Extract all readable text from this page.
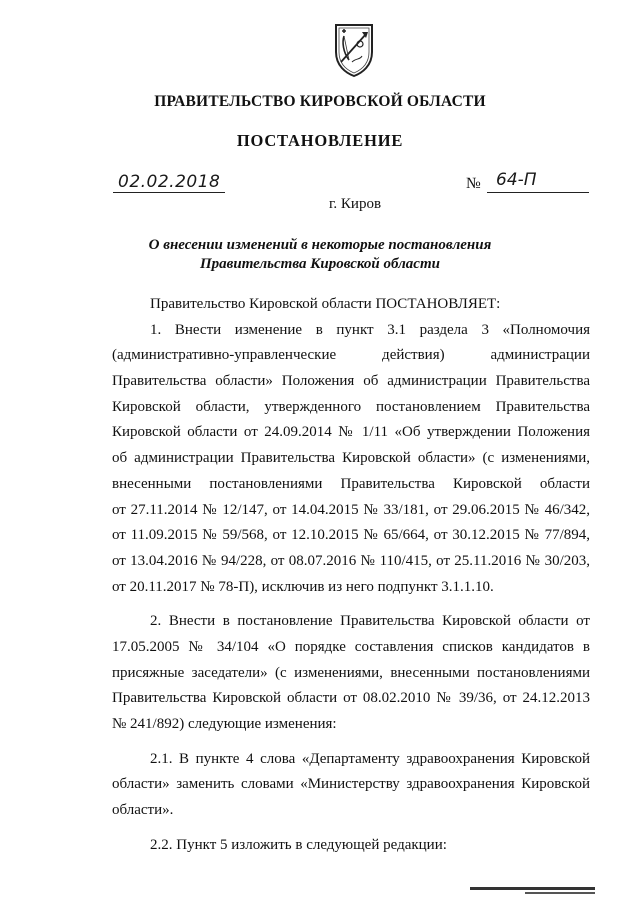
ПРАВИТЕЛЬСТВО КИРОВСКОЙ ОБЛАСТИ
ПОСТАНОВЛЕНИЕ
02.02.2018	№ 64-П
г. Киров
О внесении изменений в некоторые постановления
Правительства Кировской области
Правительство Кировской области ПОСТАНОВЛЯЕТ:
1. Внести изменение в пункт 3.1 раздела 3 «Полномочия
(административно-управленческие действия) администрации
Правительства области» Положения об администрации Правительства
Кировской области, утвержденного постановлением Правительства
Кировской области от 24.09.2014 № 1/11 «Об утверждении Положения
об администрации Правительства Кировской области» (с изменениями,
внесенными постановлениями Правительства Кировской области
от 27.11.2014 № 12/147, от 14.04.2015 № 33/181, от 29.06.2015 № 46/342,
от 11.09.2015 № 59/568, от 12.10.2015 № 65/664, от 30.12.2015 № 77/894,
от 13.04.2016 № 94/228, от 08.07.2016 № 110/415, от 25.11.2016 № 30/203,
от 20.11.2017 № 78-П), исключив из него подпункт 3.1.1.10.
2. Внести в постановление Правительства Кировской области от
17.05.2005 № 34/104 «О порядке составления списков кандидатов в
присяжные заседатели» (с изменениями, внесенными постановлениями
Правительства Кировской области от 08.02.2010 № 39/36, от 24.12.2013
№ 241/892) следующие изменения:
2.1. В пункте 4 слова «Департаменту здравоохранения Кировской
области» заменить словами «Министерству здравоохранения Кировской
области».
2.2. Пункт 5 изложить в следующей редакции:
